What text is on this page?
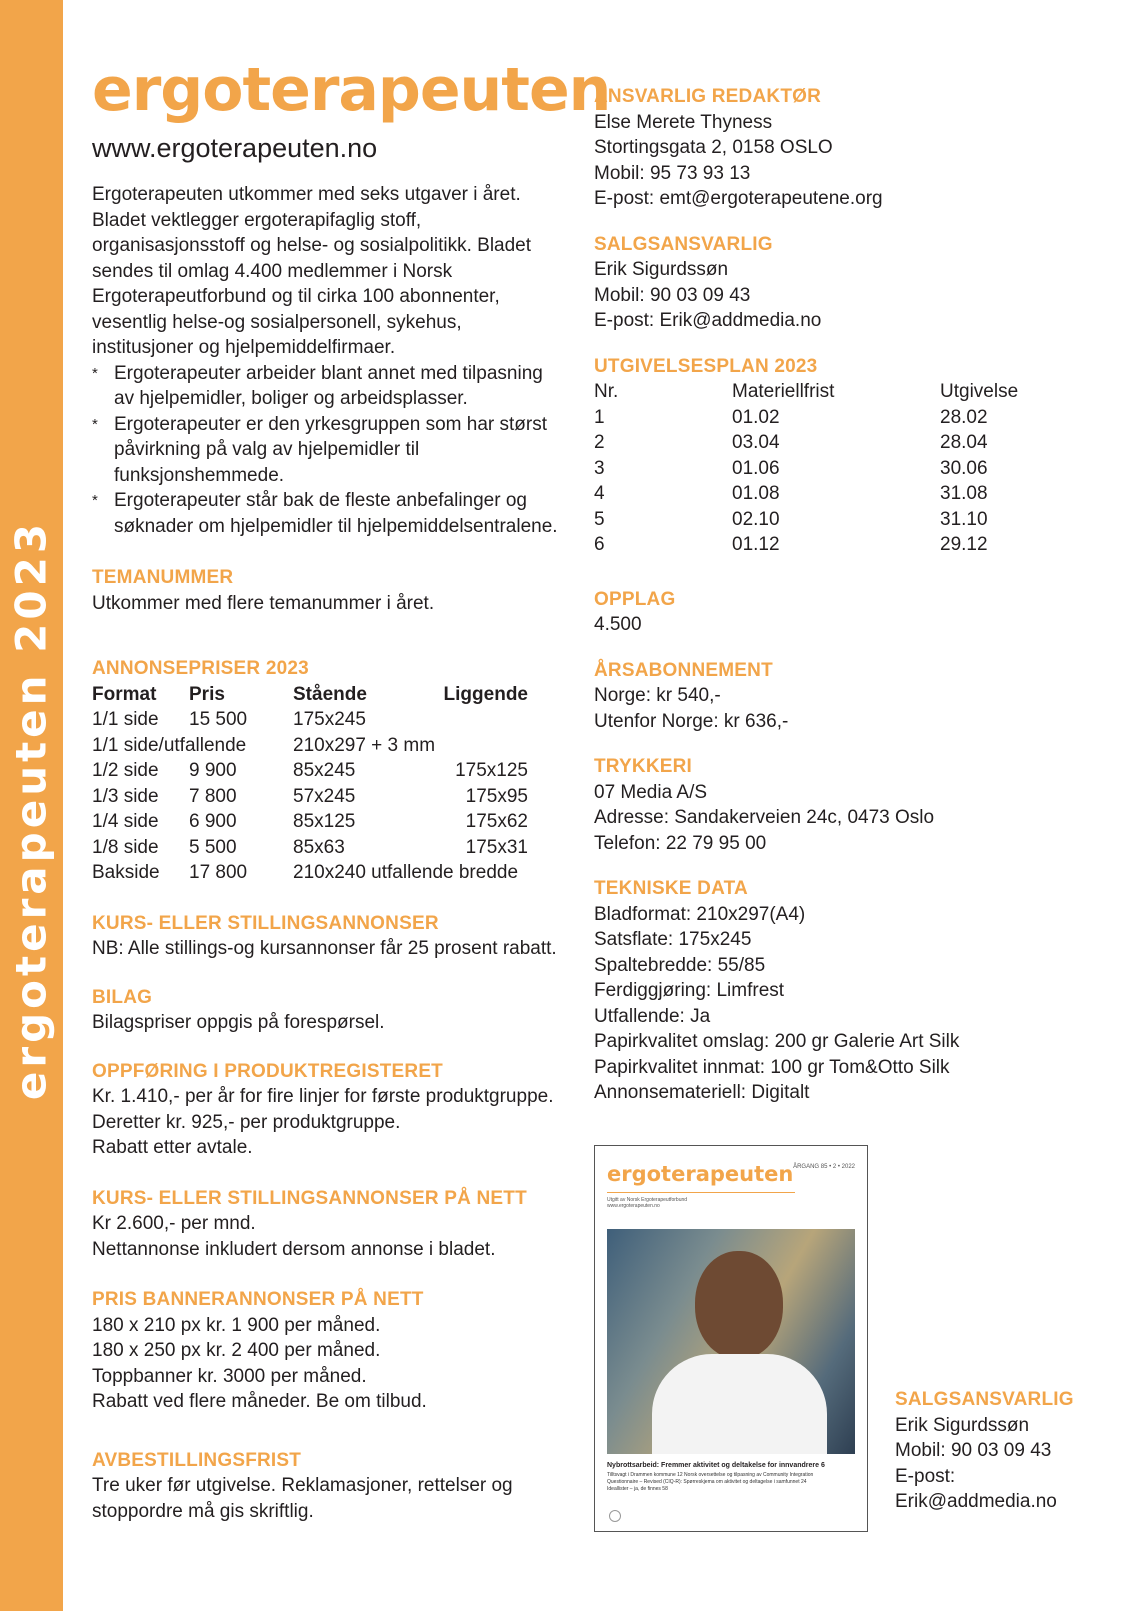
ergoterapeuten 2023
ergoterapeuten
www.ergoterapeuten.no
Ergoterapeuten utkommer med seks utgaver i året. Bladet vektlegger ergoterapifaglig stoff, organisasjonsstoff og helse- og sosialpolitikk. Bladet sendes til omlag 4.400 medlemmer i Norsk Ergoterapeutforbund og til cirka 100 abonnenter, vesentlig helse-og sosialpersonell, sykehus, institusjoner og hjelpemiddelfirmaer.
* Ergoterapeuter arbeider blant annet med tilpasning av hjelpemidler, boliger og arbeidsplasser.
* Ergoterapeuter er den yrkesgruppen som har størst påvirkning på valg av hjelpemidler til funksjonshemmede.
* Ergoterapeuter står bak de fleste anbefalinger og søknader om hjelpemidler til hjelpemiddelsentralene.
TEMANUMMER
Utkommer med flere temanummer i året.
ANNONSEPRISER 2023
Format	Pris	Stående	Liggende
1/1 side	15 500	175x245	
1/1 side/utfallende		210x297 + 3 mm	
1/2 side	9 900	85x245	175x125
1/3 side	7 800	57x245	175x95
1/4 side	6 900	85x125	175x62
1/8 side	5 500	85x63	175x31
Bakside	17 800	210x240 utfallende bredde	
KURS- ELLER STILLINGSANNONSER
NB: Alle stillings-og kursannonser får 25 prosent rabatt.
BILAG
Bilagspriser oppgis på forespørsel.
OPPFØRING I PRODUKTREGISTERET
Kr. 1.410,- per år for fire linjer for første produktgruppe.
Deretter kr. 925,- per produktgruppe.
Rabatt etter avtale.
KURS- ELLER STILLINGSANNONSER PÅ NETT
Kr 2.600,- per mnd.
Nettannonse inkludert dersom annonse i bladet.
PRIS BANNERANNONSER PÅ NETT
180 x 210 px kr. 1 900 per måned.
180 x 250 px kr. 2 400 per måned.
Toppbanner kr. 3000 per måned.
Rabatt ved flere måneder. Be om tilbud.
AVBESTILLINGSFRIST
Tre uker før utgivelse. Reklamasjoner, rettelser og stoppordre må gis skriftlig.
ANSVARLIG REDAKTØR
Else Merete Thyness
Stortingsgata 2, 0158 OSLO
Mobil: 95 73 93 13
E-post: emt@ergoterapeutene.org
SALGSANSVARLIG
Erik Sigurdssøn
Mobil: 90 03 09 43
E-post: Erik@addmedia.no
UTGIVELSESPLAN 2023
Nr.	Materiellfrist	Utgivelse
1	01.02	28.02
2	03.04	28.04
3	01.06	30.06
4	01.08	31.08
5	02.10	31.10
6	01.12	29.12
OPPLAG
4.500
ÅRSABONNEMENT
Norge: kr 540,-
Utenfor Norge: kr 636,-
TRYKKERI
07 Media A/S
Adresse: Sandakerveien 24c, 0473 Oslo
Telefon: 22 79 95 00
TEKNISKE DATA
Bladformat: 210x297(A4)
Satsflate: 175x245
Spaltebredde: 55/85
Ferdiggjøring: Limfrest
Utfallende: Ja
Papirkvalitet omslag: 200 gr Galerie Art Silk
Papirkvalitet innmat: 100 gr Tom&Otto Silk
Annonsemateriell: Digitalt
ergoterapeuten ÅRGANG 85 • 2 • 2022
Utgitt av Norsk Ergoterapeutforbund
www.ergoterapeuten.no
Nybrottsarbeid: Fremmer aktivitet og deltakelse for innvandrere 6
Tilltsvagt i Drammen kommune 12 Norsk oversettelse og tilpasning av Community Integration
Questionnaire – Revised (CIQ-R): Spørreskjema om aktivitet og deltagelse i samfunnet 24
Ideallister – ja, de finnes 58
SALGSANSVARLIG
Erik Sigurdssøn
Mobil: 90 03 09 43
E-post:
Erik@addmedia.no
